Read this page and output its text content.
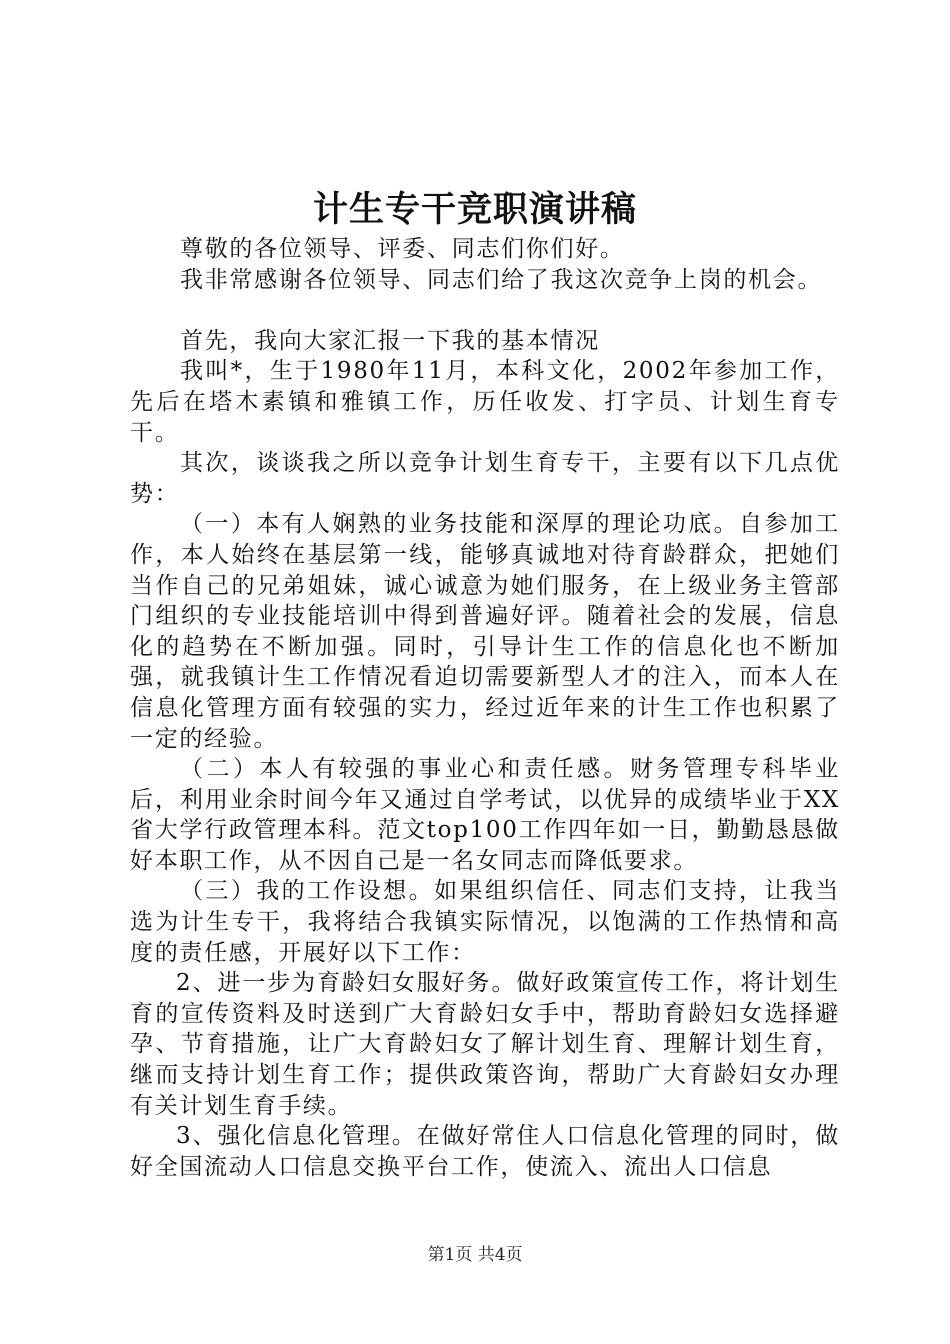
计生专干竞职演讲稿

尊敬的各位领导、评委、同志们你们好。

我非常感谢各位领导、同志们给了我这次竞争上岗的机会。

首先，我向大家汇报一下我的基本情况

我叫*，生于1980年11月，本科文化，2002年参加工作，先后在塔木素镇和雅镇工作，历任收发、打字员、计划生育专干。

其次，谈谈我之所以竞争计划生育专干，主要有以下几点优势：

（一）本有人娴熟的业务技能和深厚的理论功底。自参加工作，本人始终在基层第一线，能够真诚地对待育龄群众，把她们当作自己的兄弟姐妹，诚心诚意为她们服务，在上级业务主管部门组织的专业技能培训中得到普遍好评。随着社会的发展，信息化的趋势在不断加强。同时，引导计生工作的信息化也不断加强，就我镇计生工作情况看迫切需要新型人才的注入，而本人在信息化管理方面有较强的实力，经过近年来的计生工作也积累了一定的经验。

（二）本人有较强的事业心和责任感。财务管理专科毕业后，利用业余时间今年又通过自学考试，以优异的成绩毕业于XX省大学行政管理本科。范文top100工作四年如一日，勤勤恳恳做好本职工作，从不因自己是一名女同志而降低要求。

（三）我的工作设想。如果组织信任、同志们支持，让我当选为计生专干，我将结合我镇实际情况，以饱满的工作热情和高度的责任感，开展好以下工作：

2、进一步为育龄妇女服好务。做好政策宣传工作，将计划生育的宣传资料及时送到广大育龄妇女手中，帮助育龄妇女选择避孕、节育措施，让广大育龄妇女了解计划生育、理解计划生育，继而支持计划生育工作；提供政策咨询，帮助广大育龄妇女办理有关计划生育手续。

3、强化信息化管理。在做好常住人口信息化管理的同时，做好全国流动人口信息交换平台工作，使流入、流出人口信息

第1页 共4页
